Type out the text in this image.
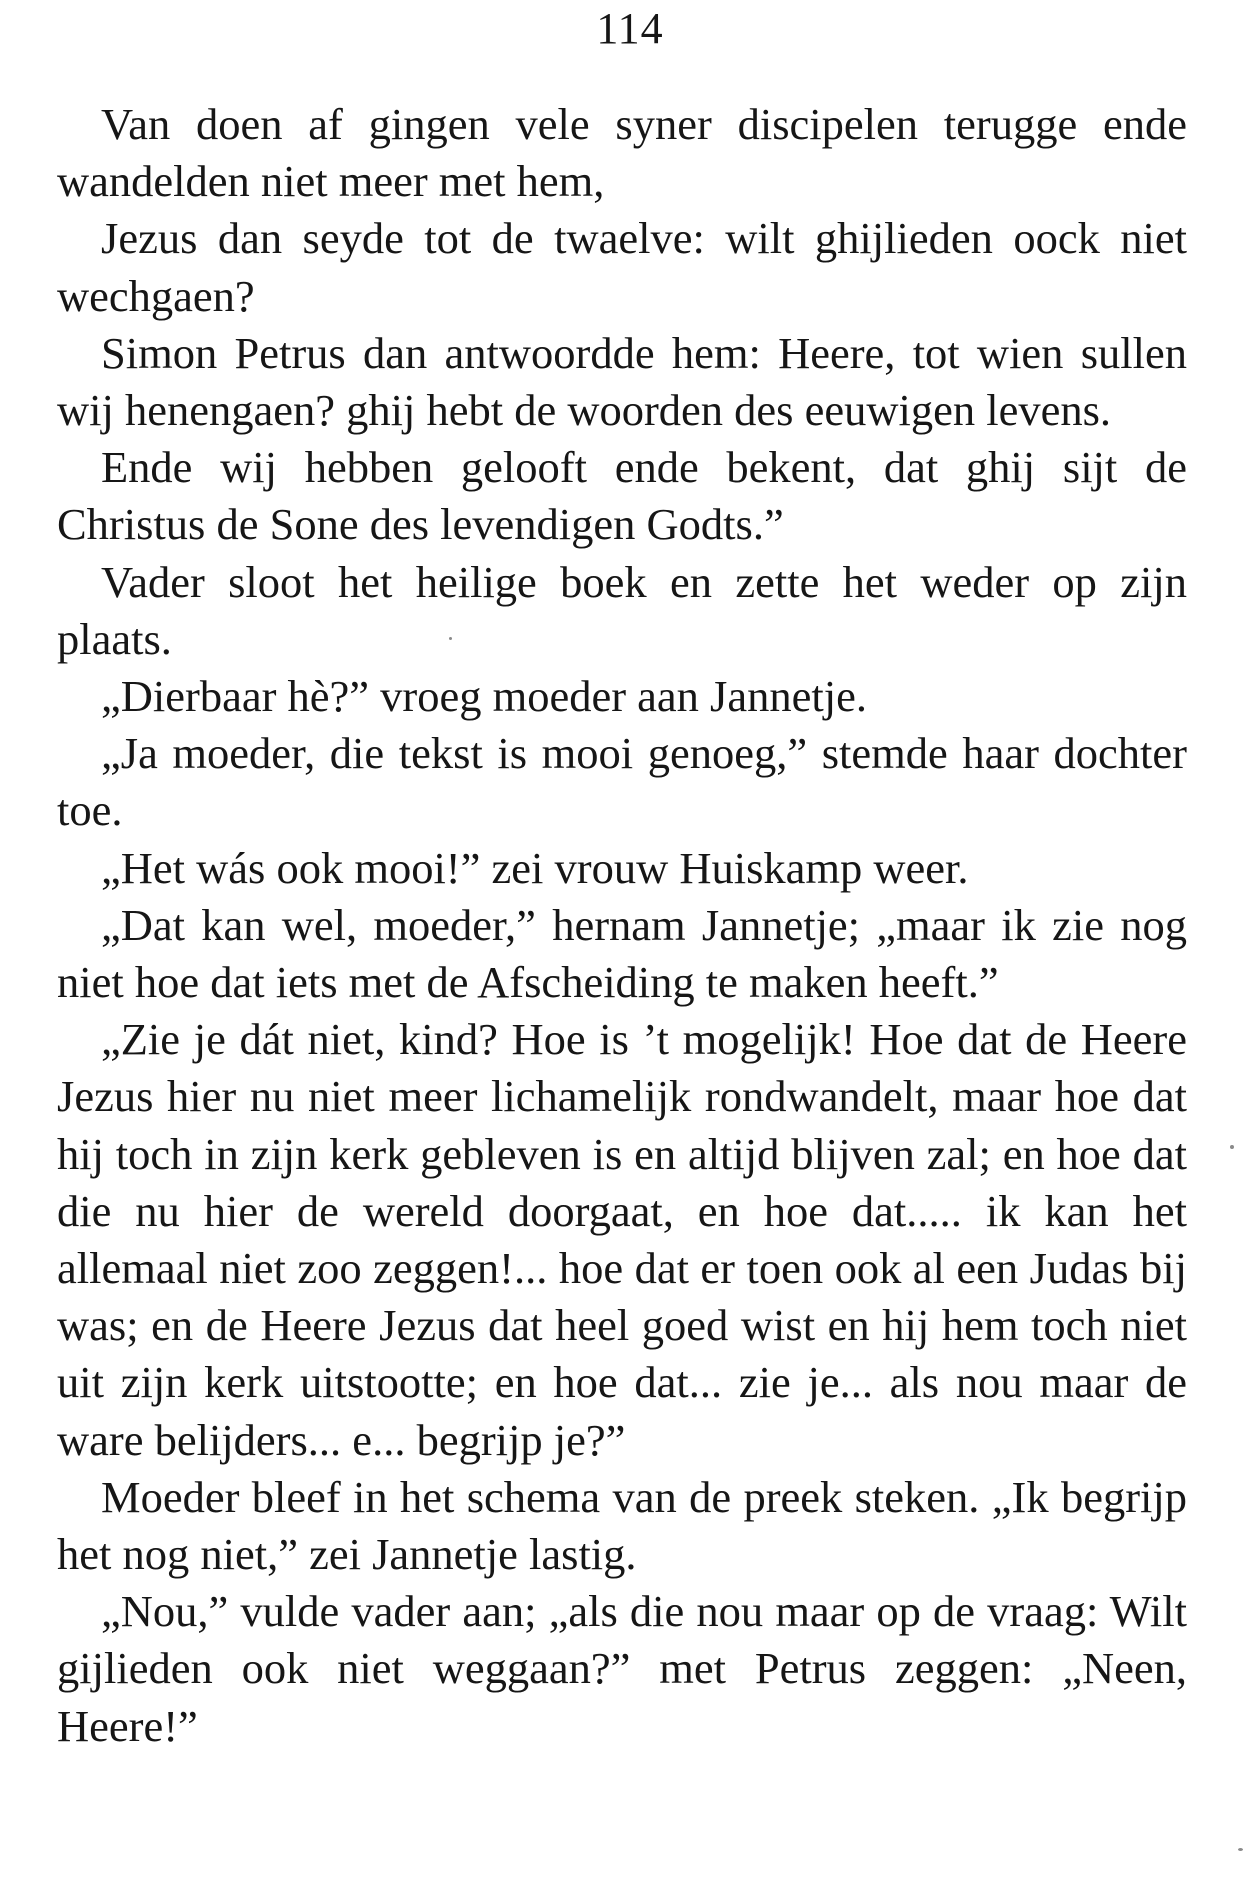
114

Van doen af gingen vele syner discipelen terugge ende wandelden niet meer met hem,

Jezus dan seyde tot de twaelve: wilt ghijlieden oock niet wechgaen?

Simon Petrus dan antwoordde hem: Heere, tot wien sullen wij henengaen? ghij hebt de woorden des eeuwigen levens.

Ende wij hebben gelooft ende bekent, dat ghij sijt de Christus de Sone des levendigen Godts.”

Vader sloot het heilige boek en zette het weder op zijn plaats.

„Dierbaar hè?” vroeg moeder aan Jannetje.

„Ja moeder, die tekst is mooi genoeg,” stemde haar dochter toe.

„Het wás ook mooi!” zei vrouw Huiskamp weer.

„Dat kan wel, moeder,” hernam Jannetje; „maar ik zie nog niet hoe dat iets met de Afscheiding te maken heeft.”

„Zie je dát niet, kind? Hoe is ’t mogelijk! Hoe dat de Heere Jezus hier nu niet meer lichamelijk rondwandelt, maar hoe dat hij toch in zijn kerk gebleven is en altijd blijven zal; en hoe dat die nu hier de wereld doorgaat, en hoe dat..... ik kan het allemaal niet zoo zeggen!... hoe dat er toen ook al een Judas bij was; en de Heere Jezus dat heel goed wist en hij hem toch niet uit zijn kerk uitstootte; en hoe dat... zie je... als nou maar de ware belijders... e... begrijp je?”

Moeder bleef in het schema van de preek steken. „Ik begrijp het nog niet,” zei Jannetje lastig.

„Nou,” vulde vader aan; „als die nou maar op de vraag: Wilt gijlieden ook niet weggaan?” met Petrus zeggen: „Neen, Heere!”
